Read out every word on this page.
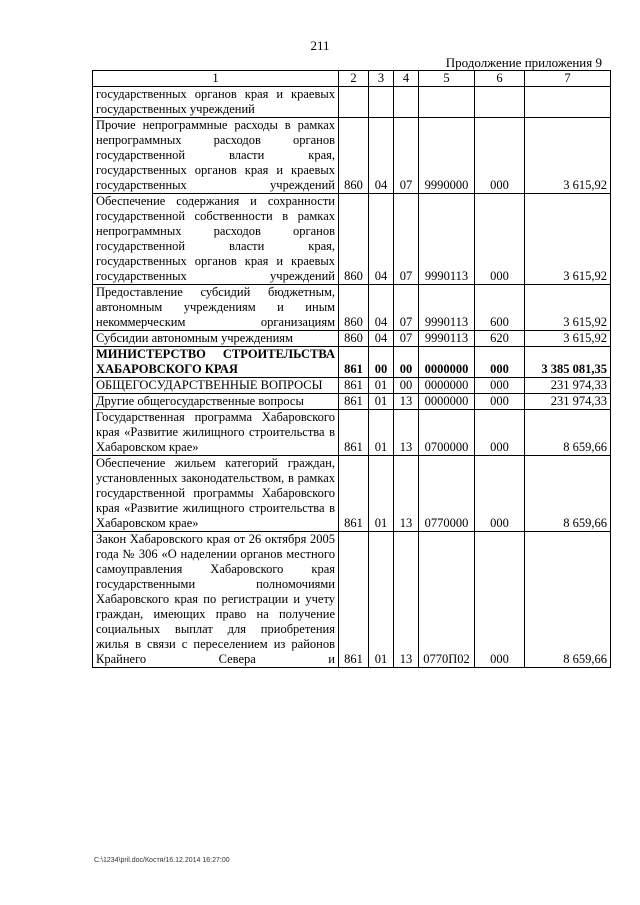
211
Продолжение приложения 9
1	2	3	4	5	6	7
государственных органов края и краевых государственных учреждений						
Прочие непрограммные расходы в рамках непрограммных расходов органов государственной власти края, государственных органов края и краевых государственных учреждений	860	04	07	9990000	000	3 615,92
Обеспечение содержания и сохранности государственной собственности в рамках непрограммных расходов органов государственной власти края, государственных органов края и краевых государственных учреждений	860	04	07	9990113	000	3 615,92
Предоставление субсидий бюджетным, автономным учреждениям и иным некоммерческим организациям	860	04	07	9990113	600	3 615,92
Субсидии автономным учреждениям	860	04	07	9990113	620	3 615,92
МИНИСТЕРСТВО СТРОИТЕЛЬСТВА ХАБАРОВСКОГО КРАЯ	861	00	00	0000000	000	3 385 081,35
ОБЩЕГОСУДАРСТВЕННЫЕ ВОПРОСЫ	861	01	00	0000000	000	231 974,33
Другие общегосударственные вопросы	861	01	13	0000000	000	231 974,33
Государственная программа Хабаровского края «Развитие жилищного строительства в Хабаровском крае»	861	01	13	0700000	000	8 659,66
Обеспечение жильем категорий граждан, установленных законодательством, в рамках государственной программы Хабаровского края «Развитие жилищного строительства в Хабаровском крае»	861	01	13	0770000	000	8 659,66
Закон Хабаровского края от 26 октября 2005 года № 306 «О наделении органов местного самоуправления Хабаровского края государственными полномочиями Хабаровского края по регистрации и учету граждан, имеющих право на получение социальных выплат для приобретения жилья в связи с переселением из районов Крайнего Севера и	861	01	13	0770П02	000	8 659,66
C:\1234\pril.doc/Костя/16.12.2014 16:27:00
